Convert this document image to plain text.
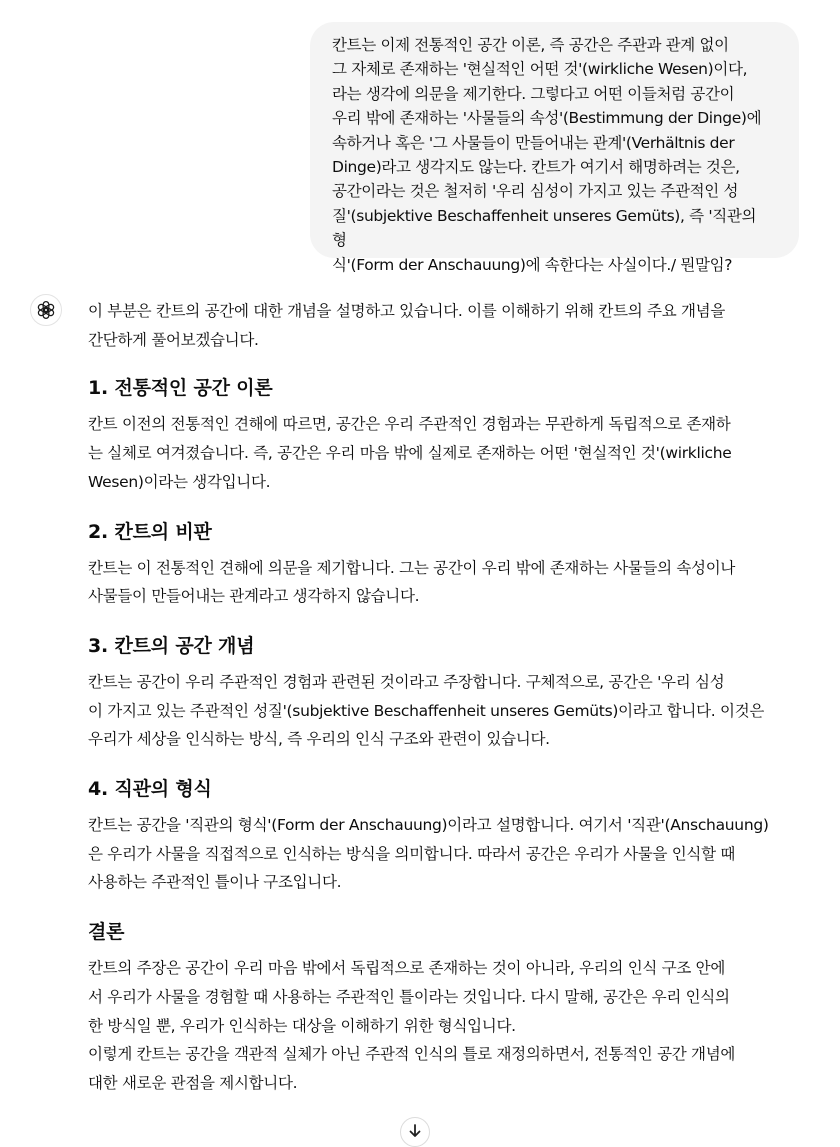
칸트는 이제 전통적인 공간 이론, 즉 공간은 주관과 관계 없이
그 자체로 존재하는 '현실적인 어떤 것'(wirkliche Wesen)이다,
라는 생각에 의문을 제기한다. 그렇다고 어떤 이들처럼 공간이
우리 밖에 존재하는 '사물들의 속성'(Bestimmung der Dinge)에
속하거나 혹은 '그 사물들이 만들어내는 관계'(Verhältnis der
Dinge)라고 생각지도 않는다. 칸트가 여기서 해명하려는 것은,
공간이라는 것은 철저히 '우리 심성이 가지고 있는 주관적인 성
질'(subjektive Beschaffenheit unseres Gemüts), 즉 '직관의 형
식'(Form der Anschauung)에 속한다는 사실이다./ 뭔말임?

이 부분은 칸트의 공간에 대한 개념을 설명하고 있습니다. 이를 이해하기 위해 칸트의 주요 개념을
간단하게 풀어보겠습니다.

1. 전통적인 공간 이론

칸트 이전의 전통적인 견해에 따르면, 공간은 우리 주관적인 경험과는 무관하게 독립적으로 존재하
는 실체로 여겨졌습니다. 즉, 공간은 우리 마음 밖에 실제로 존재하는 어떤 '현실적인 것'(wirkliche
Wesen)이라는 생각입니다.

2. 칸트의 비판

칸트는 이 전통적인 견해에 의문을 제기합니다. 그는 공간이 우리 밖에 존재하는 사물들의 속성이나
사물들이 만들어내는 관계라고 생각하지 않습니다.

3. 칸트의 공간 개념

칸트는 공간이 우리 주관적인 경험과 관련된 것이라고 주장합니다. 구체적으로, 공간은 '우리 심성
이 가지고 있는 주관적인 성질'(subjektive Beschaffenheit unseres Gemüts)이라고 합니다. 이것은
우리가 세상을 인식하는 방식, 즉 우리의 인식 구조와 관련이 있습니다.

4. 직관의 형식

칸트는 공간을 '직관의 형식'(Form der Anschauung)이라고 설명합니다. 여기서 '직관'(Anschauung)
은 우리가 사물을 직접적으로 인식하는 방식을 의미합니다. 따라서 공간은 우리가 사물을 인식할 때
사용하는 주관적인 틀이나 구조입니다.

결론

칸트의 주장은 공간이 우리 마음 밖에서 독립적으로 존재하는 것이 아니라, 우리의 인식 구조 안에
서 우리가 사물을 경험할 때 사용하는 주관적인 틀이라는 것입니다. 다시 말해, 공간은 우리 인식의
한 방식일 뿐, 우리가 인식하는 대상을 이해하기 위한 형식입니다.

이렇게 칸트는 공간을 객관적 실체가 아닌 주관적 인식의 틀로 재정의하면서, 전통적인 공간 개념에
대한 새로운 관점을 제시합니다.
